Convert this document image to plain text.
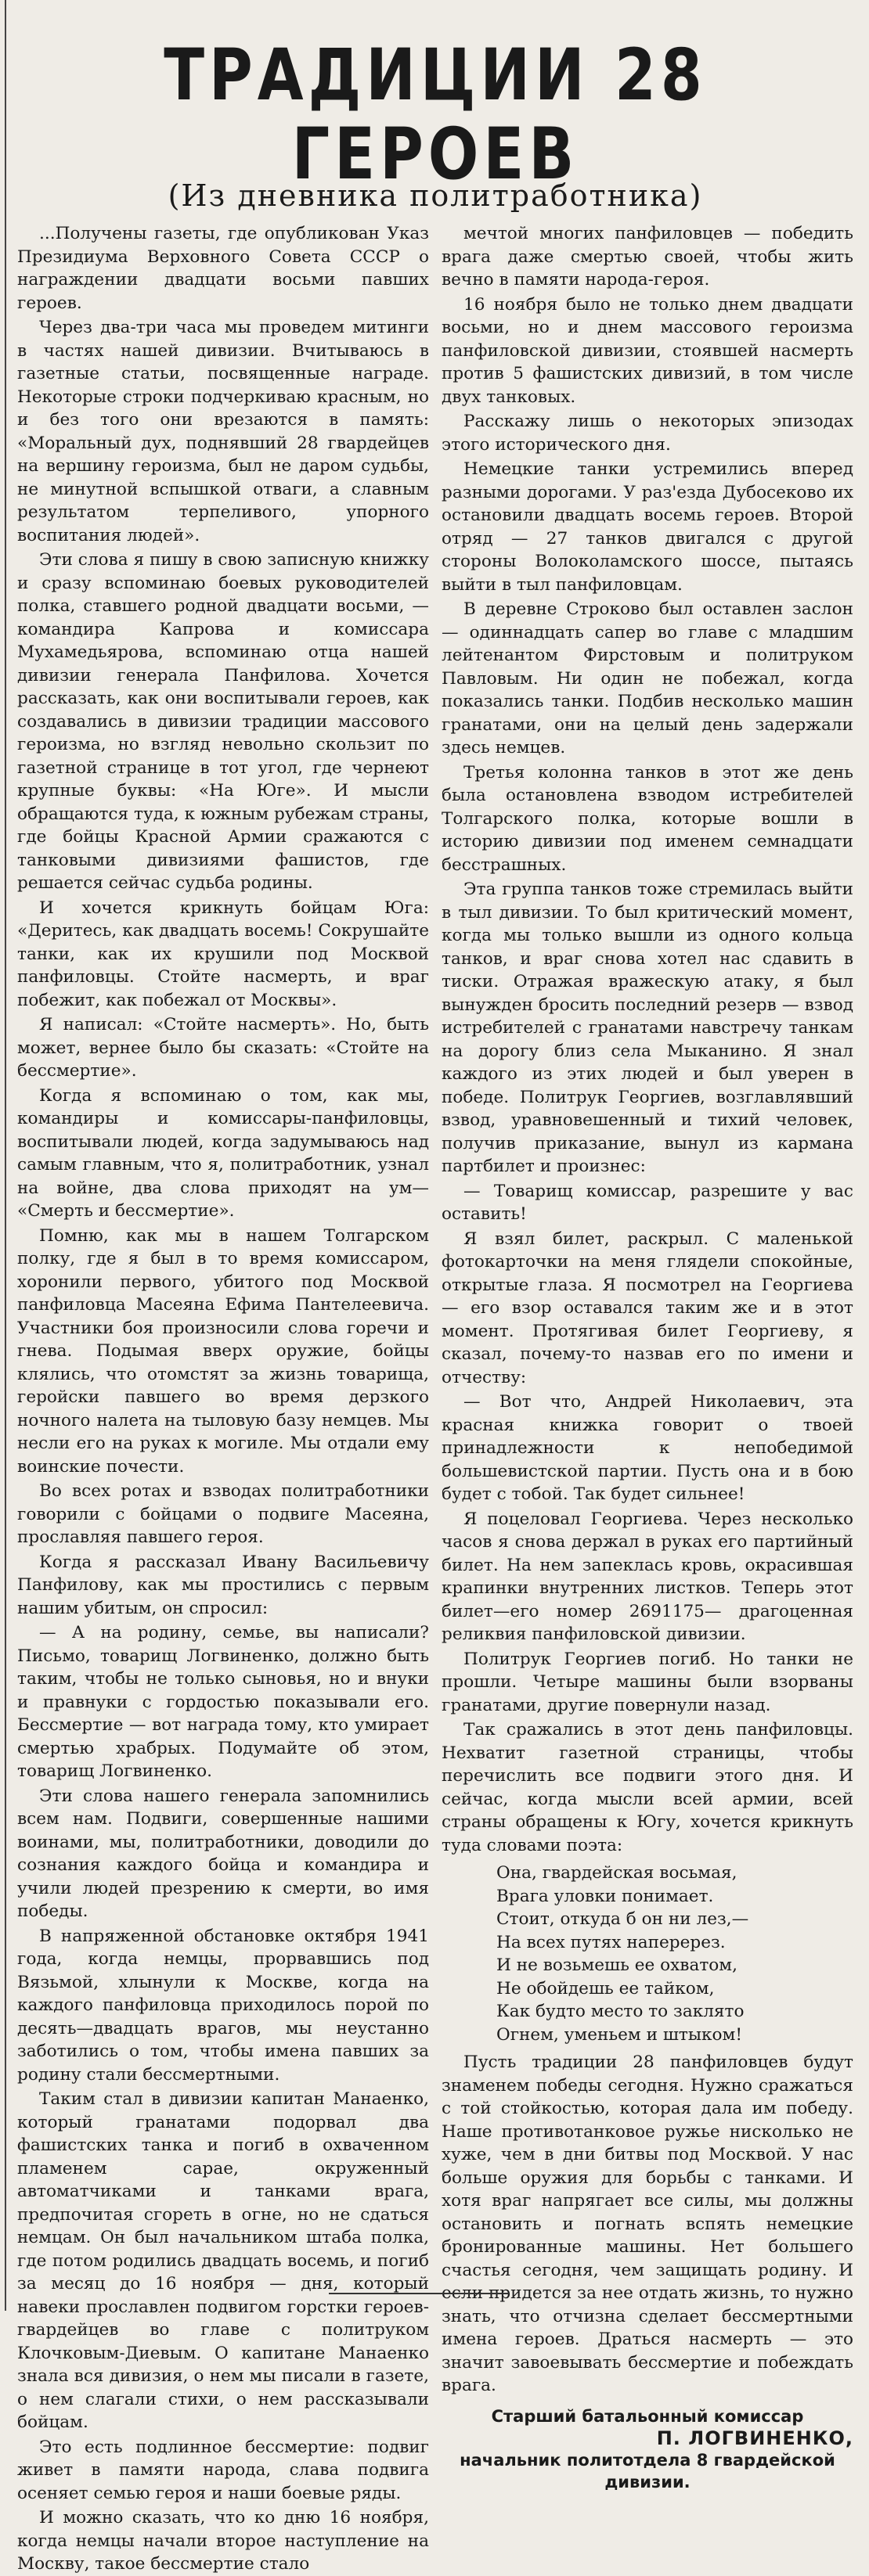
ТРАДИЦИИ 28 ГЕРОЕВ
(Из дневника политработника)

...Получены газеты, где опубликован Указ Президиума Верховного Совета СССР о награждении двадцати восьми павших героев.

Через два-три часа мы проведем митинги в частях нашей дивизии. Вчитываюсь в газетные статьи, посвященные награде. Некоторые строки подчеркиваю красным, но и без того они врезаются в память: «Моральный дух, поднявший 28 гвардейцев на вершину героизма, был не даром судьбы, не минутной вспышкой отваги, а славным результатом терпеливого, упорного воспитания людей».

Эти слова я пишу в свою записную книжку и сразу вспоминаю боевых руководителей полка, ставшего родной двадцати восьми, — командира Капрова и комиссара Мухамедьярова, вспоминаю отца нашей дивизии генерала Панфилова. Хочется рассказать, как они воспитывали героев, как создавались в дивизии традиции массового героизма, но взгляд невольно скользит по газетной странице в тот угол, где чернеют крупные буквы: «На Юге». И мысли обращаются туда, к южным рубежам страны, где бойцы Красной Армии сражаются с танковыми дивизиями фашистов, где решается сейчас судьба родины.

И хочется крикнуть бойцам Юга: «Деритесь, как двадцать восемь! Сокрушайте танки, как их крушили под Москвой панфиловцы. Стойте насмерть, и враг побежит, как побежал от Москвы».

Я написал: «Стойте насмерть». Но, быть может, вернее было бы сказать: «Стойте на бессмертие».

Когда я вспоминаю о том, как мы, командиры и комиссары-панфиловцы, воспитывали людей, когда задумываюсь над самым главным, что я, политработник, узнал на войне, два слова приходят на ум— «Смерть и бессмертие».

Помню, как мы в нашем Толгарском полку, где я был в то время комиссаром, хоронили первого, убитого под Москвой панфиловца Масеяна Ефима Пантелеевича. Участники боя произносили слова горечи и гнева. Подымая вверх оружие, бойцы клялись, что отомстят за жизнь товарища, геройски павшего во время дерзкого ночного налета на тыловую базу немцев. Мы несли его на руках к могиле. Мы отдали ему воинские почести.

Во всех ротах и взводах политработники говорили с бойцами о подвиге Масеяна, прославляя павшего героя.

Когда я рассказал Ивану Васильевичу Панфилову, как мы простились с первым нашим убитым, он спросил:

— А на родину, семье, вы написали? Письмо, товарищ Логвиненко, должно быть таким, чтобы не только сыновья, но и внуки и правнуки с гордостью показывали его. Бессмертие — вот награда тому, кто умирает смертью храбрых. Подумайте об этом, товарищ Логвиненко.

Эти слова нашего генерала запомнились всем нам. Подвиги, совершенные нашими воинами, мы, политработники, доводили до сознания каждого бойца и командира и учили людей презрению к смерти, во имя победы.

В напряженной обстановке октября 1941 года, когда немцы, прорвавшись под Вязьмой, хлынули к Москве, когда на каждого панфиловца приходилось порой по десять—двадцать врагов, мы неустанно заботились о том, чтобы имена павших за родину стали бессмертными.

Таким стал в дивизии капитан Манаенко, который гранатами подорвал два фашистских танка и погиб в охваченном пламенем сарае, окруженный автоматчиками и танками врага, предпочитая сгореть в огне, но не сдаться немцам. Он был начальником штаба полка, где потом родились двадцать восемь, и погиб за месяц до 16 ноября — дня, который навеки прославлен подвигом горстки героев-гвардейцев во главе с политруком Клочковым-Диевым. О капитане Манаенко знала вся дивизия, о нем мы писали в газете, о нем слагали стихи, о нем рассказывали бойцам.

Это есть подлинное бессмертие: подвиг живет в памяти народа, слава подвига осеняет семью героя и наши боевые ряды.

И можно сказать, что ко дню 16 ноября, когда немцы начали второе наступление на Москву, такое бессмертие стало

мечтой многих панфиловцев — победить врага даже смертью своей, чтобы жить вечно в памяти народа-героя.

16 ноября было не только днем двадцати восьми, но и днем массового героизма панфиловской дивизии, стоявшей насмерть против 5 фашистских дивизий, в том числе двух танковых.

Расскажу лишь о некоторых эпизодах этого исторического дня.

Немецкие танки устремились вперед разными дорогами. У раз'езда Дубосеково их остановили двадцать восемь героев. Второй отряд — 27 танков двигался с другой стороны Волоколамского шоссе, пытаясь выйти в тыл панфиловцам.

В деревне Строково был оставлен заслон — одиннадцать сапер во главе с младшим лейтенантом Фирстовым и политруком Павловым. Ни один не побежал, когда показались танки. Подбив несколько машин гранатами, они на целый день задержали здесь немцев.

Третья колонна танков в этот же день была остановлена взводом истребителей Толгарского полка, которые вошли в историю дивизии под именем семнадцати бесстрашных.

Эта группа танков тоже стремилась выйти в тыл дивизии. То был критический момент, когда мы только вышли из одного кольца танков, и враг снова хотел нас сдавить в тиски. Отражая вражескую атаку, я был вынужден бросить последний резерв — взвод истребителей с гранатами навстречу танкам на дорогу близ села Мыканино. Я знал каждого из этих людей и был уверен в победе. Политрук Георгиев, возглавлявший взвод, уравновешенный и тихий человек, получив приказание, вынул из кармана партбилет и произнес:

— Товарищ комиссар, разрешите у вас оставить!

Я взял билет, раскрыл. С маленькой фотокарточки на меня глядели спокойные, открытые глаза. Я посмотрел на Георгиева — его взор оставался таким же и в этот момент. Протягивая билет Георгиеву, я сказал, почему-то назвав его по имени и отчеству:

— Вот что, Андрей Николаевич, эта красная книжка говорит о твоей принадлежности к непобедимой большевистской партии. Пусть она и в бою будет с тобой. Так будет сильнее!

Я поцеловал Георгиева. Через несколько часов я снова держал в руках его партийный билет. На нем запеклась кровь, окрасившая крапинки внутренних листков. Теперь этот билет—его номер 2691175— драгоценная реликвия панфиловской дивизии.

Политрук Георгиев погиб. Но танки не прошли. Четыре машины были взорваны гранатами, другие повернули назад.

Так сражались в этот день панфиловцы. Нехватит газетной страницы, чтобы перечислить все подвиги этого дня. И сейчас, когда мысли всей армии, всей страны обращены к Югу, хочется крикнуть туда словами поэта:

Она, гвардейская восьмая,
Врага уловки понимает.
Стоит, откуда б он ни лез,—
На всех путях наперерез.
И не возьмешь ее охватом,
Не обойдешь ее тайком,
Как будто место то заклято
Огнем, уменьем и штыком!

Пусть традиции 28 панфиловцев будут знаменем победы сегодня. Нужно сражаться с той стойкостью, которая дала им победу. Наше противотанковое ружье нисколько не хуже, чем в дни битвы под Москвой. У нас больше оружия для борьбы с танками. И хотя враг напрягает все силы, мы должны остановить и погнать вспять немецкие бронированные машины. Нет большего счастья сегодня, чем защищать родину. И если придется за нее отдать жизнь, то нужно знать, что отчизна сделает бессмертными имена героев. Драться насмерть — это значит завоевывать бессмертие и побеждать врага.

Старший батальонный комиссар
П. ЛОГВИНЕНКО,
начальник политотдела 8 гвардейской дивизии.
